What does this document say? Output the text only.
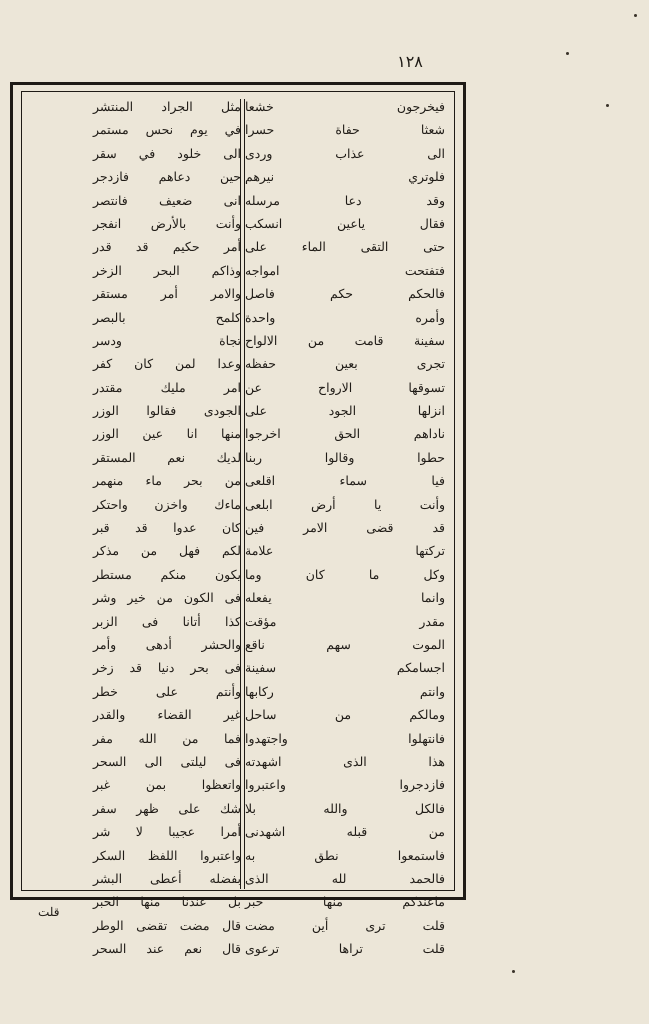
١٢٨
فيخرجون خشعا
شعثا حفاة حسرا
الى عذاب وردى
فلوتري نيرهم
وقد دعا مرسله
فقال ياعين انسكب
حتى التقى الماء على
فتفتحت امواجه
فالحكم حكم فاصل
وأمره واحدة
سفينة قامت من الالواح
تجرى بعين حفظه
تسوقها الارواح عن
انزلها الجود على
ناداهم الحق اخرجوا
حطوا وقالوا ربنا
فيا سماء اقلعى
وأنت يا أرض ابلعى
قد قضى الامر فين
تركتها علامة
وكل ما كان وما
وانما يفعله
مقدر مؤقت
الموت سهم ناقع
اجسامكم سفينة
وانتم ركابها
ومالكم من ساحل
فانتهلوا واجتهدوا
هذا الذى اشهدته
فازدجروا واعتبروا
فالكل والله بلا
من قبله اشهدنى
فاستمعوا نطق به
فالحمد لله الذى
ماعندكم منها خبر
قلت ترى أين مضت
قلت تراها ترعوى
مثل الجراد المنتشر
في يوم نحس مستمر
الى خلود في سقر
حين دعاهم فازدجر
انى ضعيف فانتصر
وأنت بالأرض انفجر
أمر حكيم قد قدر
وذاكم البحر الزخر
والامر أمر مستقر
كلمح بالبصر
تجاة ودسر
وعدا لمن كان كفر
امر مليك مقتدر
الجودى فقالوا الوزر
منها انا عين الوزر
لديك نعم المستقر
من بحر ماء منهمر
ماءك واخزن واحتكر
كان عدوا قد قبر
لكم فهل من مذكر
يكون منكم مستطر
فى الكون من خير وشر
كذا أتانا فى الزبر
والحشر أدهى وأمر
فى بحر دنيا قد زخر
وأنتم على خطر
غير القضاء والقدر
فما من الله مفر
فى ليلتى الى السحر
واتعظوا بمن غبر
شك على ظهر سفر
أمرا عجيبا لا شر
واعتبروا اللفظ السكر
بفضله أعطى البشر
بل عندنا منها الخبر
قال مضت تقضى الوطر
قال نعم عند السحر
قلت
